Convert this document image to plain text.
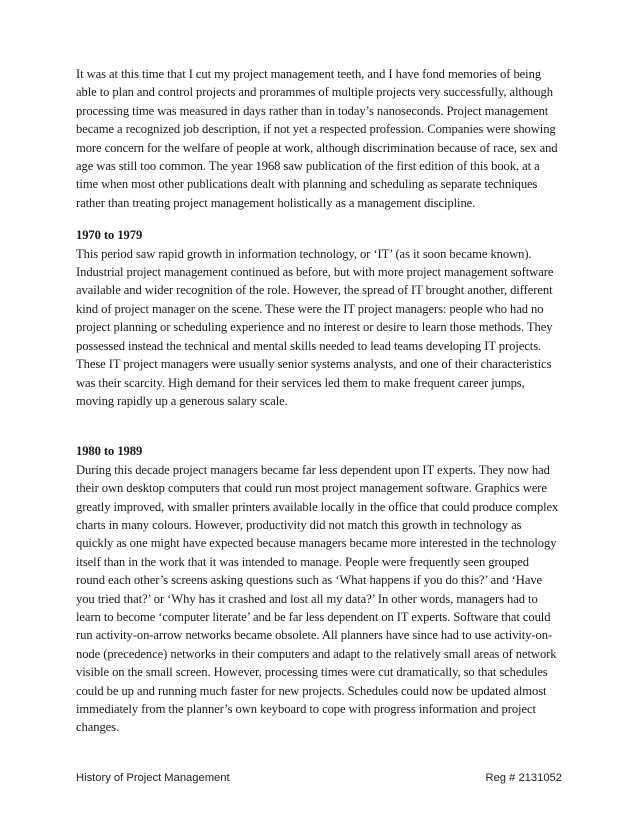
It was at this time that I cut my project management teeth, and I have fond memories of being
able to plan and control projects and prorammes of multiple projects very successfully, although
processing time was measured in days rather than in today’s nanoseconds. Project management
became a recognized job description, if not yet a respected profession. Companies were showing
more concern for the welfare of people at work, although discrimination because of race, sex and
age was still too common. The year 1968 saw publication of the first edition of this book, at a
time when most other publications dealt with planning and scheduling as separate techniques
rather than treating project management holistically as a management discipline.

1970 to 1979

This period saw rapid growth in information technology, or ‘IT’ (as it soon became known).
Industrial project management continued as before, but with more project management software
available and wider recognition of the role. However, the spread of IT brought another, different
kind of project manager on the scene. These were the IT project managers: people who had no
project planning or scheduling experience and no interest or desire to learn those methods. They
possessed instead the technical and mental skills needed to lead teams developing IT projects.
These IT project managers were usually senior systems analysts, and one of their characteristics
was their scarcity. High demand for their services led them to make frequent career jumps,
moving rapidly up a generous salary scale.

1980 to 1989

During this decade project managers became far less dependent upon IT experts. They now had
their own desktop computers that could run most project management software. Graphics were
greatly improved, with smaller printers available locally in the office that could produce complex
charts in many colours. However, productivity did not match this growth in technology as
quickly as one might have expected because managers became more interested in the technology
itself than in the work that it was intended to manage. People were frequently seen grouped
round each other’s screens asking questions such as ‘What happens if you do this?’ and ‘Have
you tried that?’ or ‘Why has it crashed and lost all my data?’ In other words, managers had to
learn to become ‘computer literate’ and be far less dependent on IT experts. Software that could
run activity-on-arrow networks became obsolete. All planners have since had to use activity-on-
node (precedence) networks in their computers and adapt to the relatively small areas of network
visible on the small screen. However, processing times were cut dramatically, so that schedules
could be up and running much faster for new projects. Schedules could now be updated almost
immediately from the planner’s own keyboard to cope with progress information and project
changes.

History of Project Management	Reg # 2131052
